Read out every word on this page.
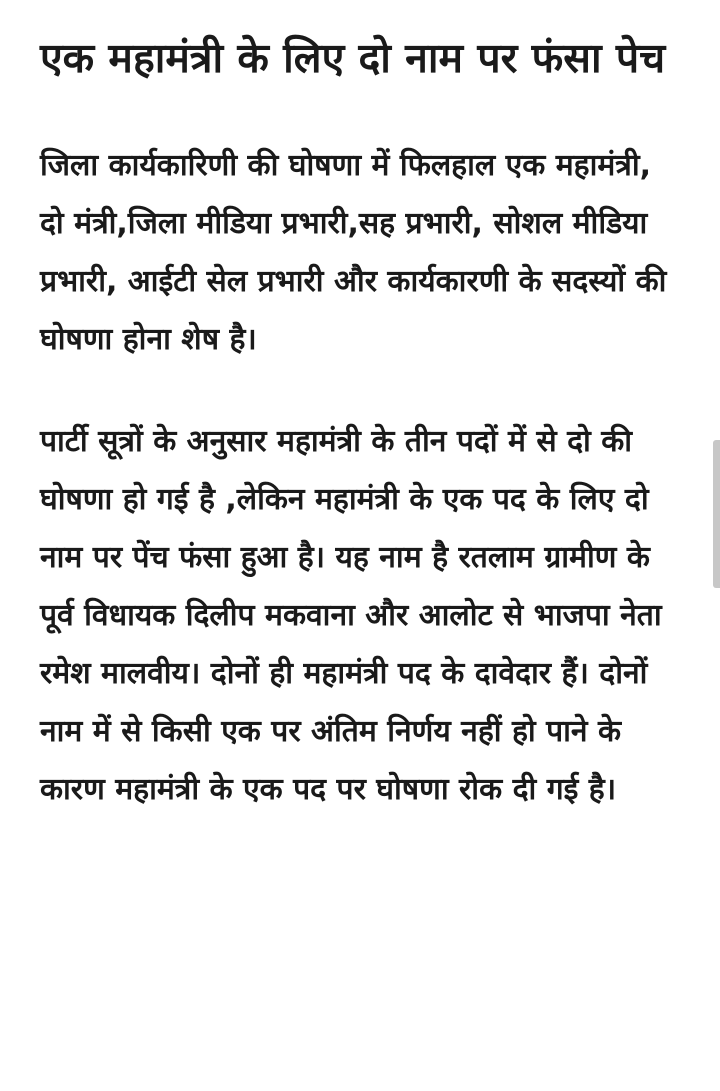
एक महामंत्री के लिए दो नाम पर फंसा पेच

जिला कार्यकारिणी की घोषणा में फिलहाल एक महामंत्री, दो मंत्री,जिला मीडिया प्रभारी,सह प्रभारी, सोशल मीडिया प्रभारी, आईटी सेल प्रभारी और कार्यकारणी के सदस्यों की घोषणा होना शेष है।

पार्टी सूत्रों के अनुसार महामंत्री के तीन पदों में से दो की घोषणा हो गई है ,लेकिन महामंत्री के एक पद के लिए दो नाम पर पेंच फंसा हुआ है। यह नाम है रतलाम ग्रामीण के पूर्व विधायक दिलीप मकवाना और आलोट से भाजपा नेता रमेश मालवीय। दोनों ही महामंत्री पद के दावेदार हैं। दोनों नाम में से किसी एक पर अंतिम निर्णय नहीं हो पाने के कारण महामंत्री के एक पद पर घोषणा रोक दी गई है।
